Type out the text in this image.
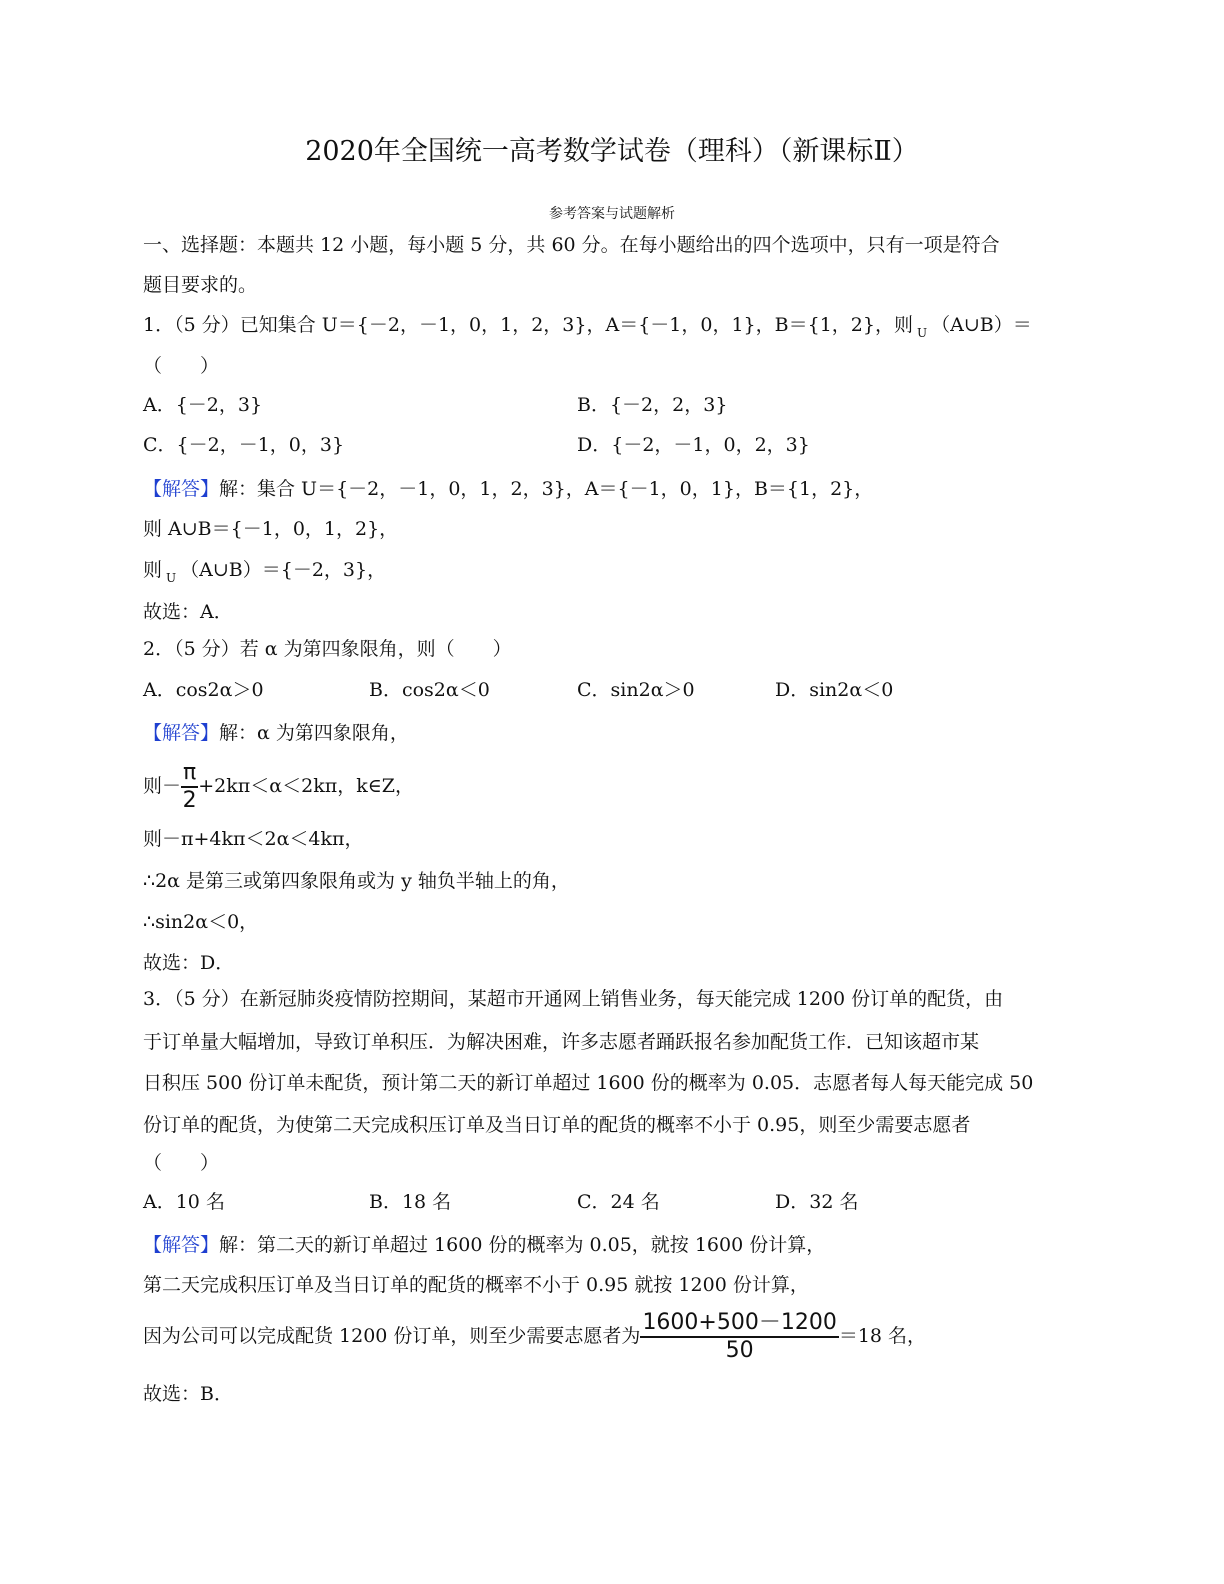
2020年全国统一高考数学试卷（理科）（新课标Ⅱ）
参考答案与试题解析
一、选择题：本题共 12 小题，每小题 5 分，共 60 分。在每小题给出的四个选项中，只有一项是符合
题目要求的。
1．（5 分）已知集合 U＝{－2，－1，0，1，2，3}，A＝{－1，0，1}，B＝{1，2}，则 $_U$ （A∪B）＝
（　　）
A．{－2，3}	B．{－2，2，3}
C．{－2，－1，0，3}	D．{－2，－1，0，2，3}
【解答】解：集合 U＝{－2，－1，0，1，2，3}，A＝{－1，0，1}，B＝{1，2}，
则 A∪B＝{－1，0，1，2}，
则 $_U$ （A∪B）＝{－2，3}，
故选：A．
2．（5 分）若 α 为第四象限角，则（　　）
A．cos2α＞0	B．cos2α＜0	C．sin2α＞0	D．sin2α＜0
【解答】解：α 为第四象限角，
则－ $\frac{\pi}{2} +2k\pi<\alpha<2k\pi$，k∈Z，
则－π+4kπ＜2α＜4kπ，
∴2α 是第三或第四象限角或为 y 轴负半轴上的角，
∴sin2α＜0，
故选：D．
3．（5 分）在新冠肺炎疫情防控期间，某超市开通网上销售业务，每天能完成 1200 份订单的配货，由
于订单量大幅增加，导致订单积压．为解决困难，许多志愿者踊跃报名参加配货工作．已知该超市某
日积压 500 份订单未配货，预计第二天的新订单超过 1600 份的概率为 0.05．志愿者每人每天能完成 50
份订单的配货，为使第二天完成积压订单及当日订单的配货的概率不小于 0.95，则至少需要志愿者
（　　）
A．10 名	B．18 名	C．24 名	D．32 名
【解答】解：第二天的新订单超过 1600 份的概率为 0.05，就按 1600 份计算，
第二天完成积压订单及当日订单的配货的概率不小于 0.95 就按 1200 份计算，
因为公司可以完成配货 1200 份订单，则至少需要志愿者为 $\frac{1600+500-1200}{50} =18$ 名，
故选：B．
